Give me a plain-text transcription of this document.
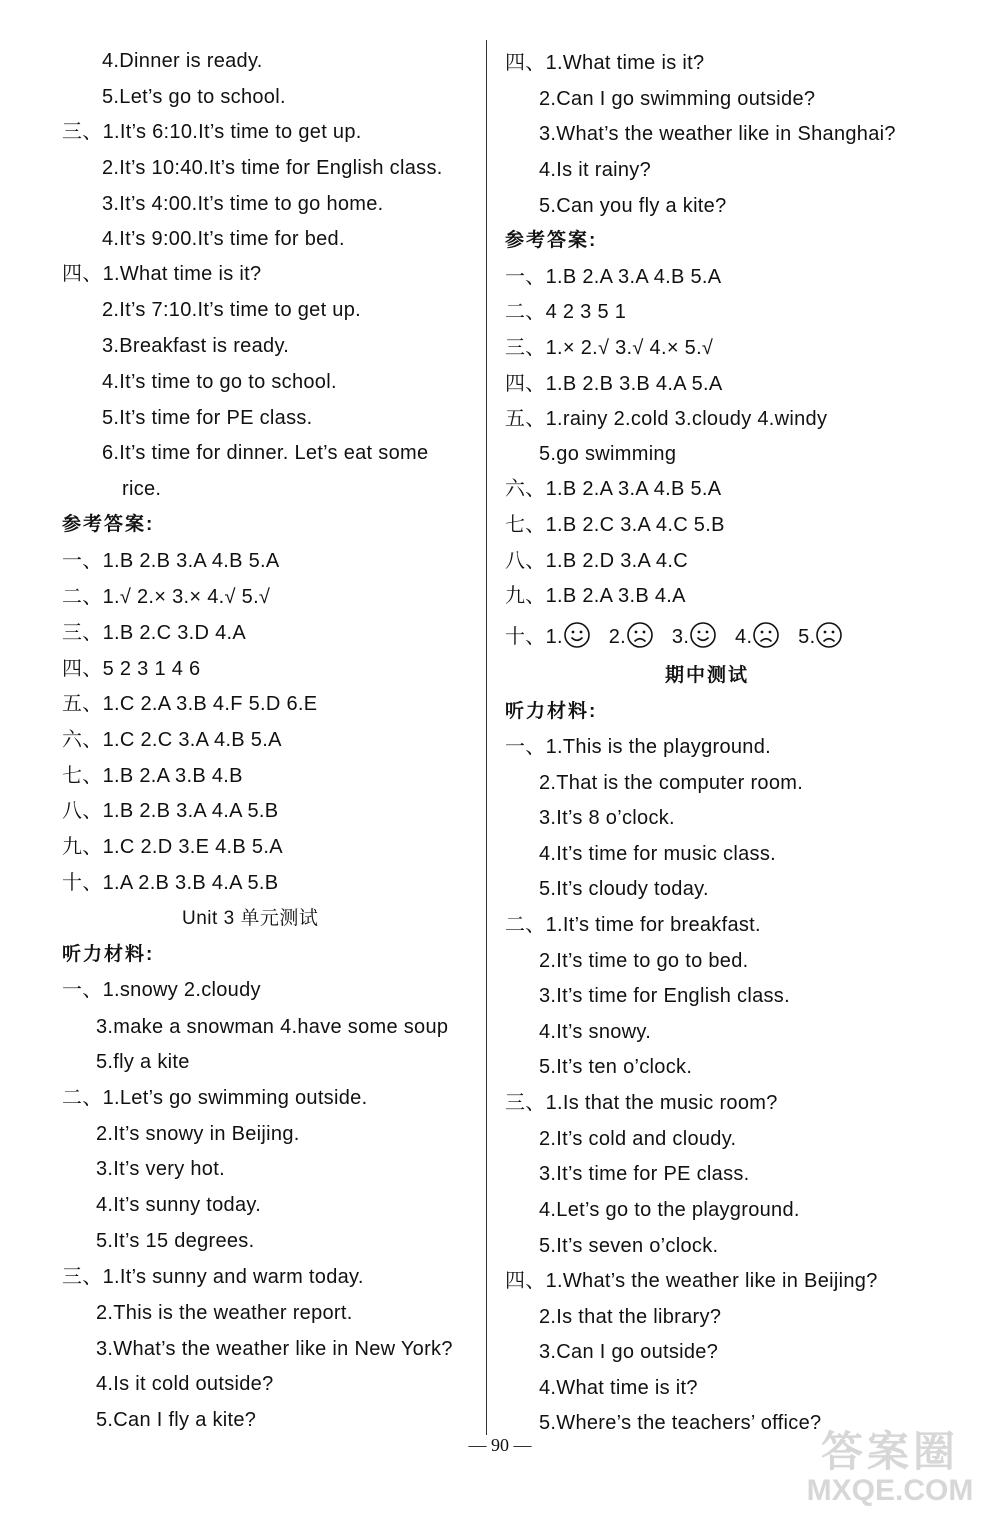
4.Dinner is ready.
5.Let’s go to school.
三、1.It’s 6:10.It’s time to get up.
2.It’s 10:40.It’s time for English class.
3.It’s 4:00.It’s time to go home.
4.It’s 9:00.It’s time for bed.
四、1.What time is it?
2.It’s 7:10.It’s time to get up.
3.Breakfast is ready.
4.It’s time to go to school.
5.It’s time for PE class.
6.It’s time for dinner. Let’s eat some
rice.
参考答案:
一、1.B 2.B 3.A 4.B 5.A
二、1.√ 2.× 3.× 4.√ 5.√
三、1.B 2.C 3.D 4.A
四、5 2 3 1 4 6
五、1.C 2.A 3.B 4.F 5.D 6.E
六、1.C 2.C 3.A 4.B 5.A
七、1.B 2.A 3.B 4.B
八、1.B 2.B 3.A 4.A 5.B
九、1.C 2.D 3.E 4.B 5.A
十、1.A 2.B 3.B 4.A 5.B
Unit 3 单元测试
听力材料:
一、1.snowy 2.cloudy
3.make a snowman 4.have some soup
5.fly a kite
二、1.Let’s go swimming outside.
2.It’s snowy in Beijing.
3.It’s very hot.
4.It’s sunny today.
5.It’s 15 degrees.
三、1.It’s sunny and warm today.
2.This is the weather report.
3.What’s the weather like in New York?
4.Is it cold outside?
5.Can I fly a kite?
四、1.What time is it?
2.Can I go swimming outside?
3.What’s the weather like in Shanghai?
4.Is it rainy?
5.Can you fly a kite?
参考答案:
一、1.B 2.A 3.A 4.B 5.A
二、4 2 3 5 1
三、1.× 2.√ 3.√ 4.× 5.√
四、1.B 2.B 3.B 4.A 5.A
五、1.rainy 2.cold 3.cloudy 4.windy
5.go swimming
六、1.B 2.A 3.A 4.B 5.A
七、1.B 2.C 3.A 4.C 5.B
八、1.B 2.D 3.A 4.C
九、1.B 2.A 3.B 4.A
十、1. 2. 3. 4. 5.
期中测试
听力材料:
一、1.This is the playground.
2.That is the computer room.
3.It’s 8 o’clock.
4.It’s time for music class.
5.It’s cloudy today.
二、1.It’s time for breakfast.
2.It’s time to go to bed.
3.It’s time for English class.
4.It’s snowy.
5.It’s ten o’clock.
三、1.Is that the music room?
2.It’s cold and cloudy.
3.It’s time for PE class.
4.Let’s go to the playground.
5.It’s seven o’clock.
四、1.What’s the weather like in Beijing?
2.Is that the library?
3.Can I go outside?
4.What time is it?
5.Where’s the teachers’ office?
— 90 —	答案圈
MXQE.COM
